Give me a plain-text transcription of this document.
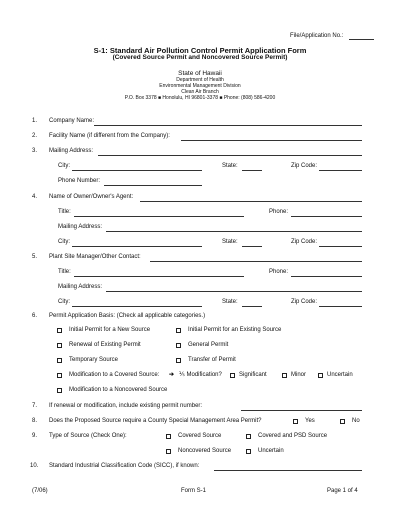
File/Application No.:
S-1: Standard Air Pollution Control Permit Application Form
(Covered Source Permit and Noncovered Source Permit)
State of Hawaii
Department of Health
Environmental Management Division
Clean Air Branch
P.O. Box 3378 ■ Honolulu, HI 96801-3378 ■ Phone: (808) 586-4200
1. Company Name:
2. Facility Name (if different from the Company):
3. Mailing Address:
City:	State:	Zip Code:
Phone Number:
4. Name of Owner/Owner's Agent:
Title:	Phone:
Mailing Address:
City:	State:	Zip Code:
5. Plant Site Manager/Other Contact:
Title:	Phone:
Mailing Address:
City:	State:	Zip Code:
6. Permit Application Basis: (Check all applicable categories.)
Initial Permit for a New Source	Initial Permit for an Existing Source
Renewal of Existing Permit	General Permit
Temporary Source	Transfer of Permit
Modification to a Covered Source: ➔ ⅕ Modification?	Significant	Minor	Uncertain
Modification to a Noncovered Source
7. If renewal or modification, include existing permit number:
8. Does the Proposed Source require a County Special Management Area Permit?	Yes	No
9. Type of Source (Check One):	Covered Source	Covered and PSD Source
Noncovered Source	Uncertain
10. Standard Industrial Classification Code (SICC), if known:
(7/06)	Form S-1	Page 1 of 4
